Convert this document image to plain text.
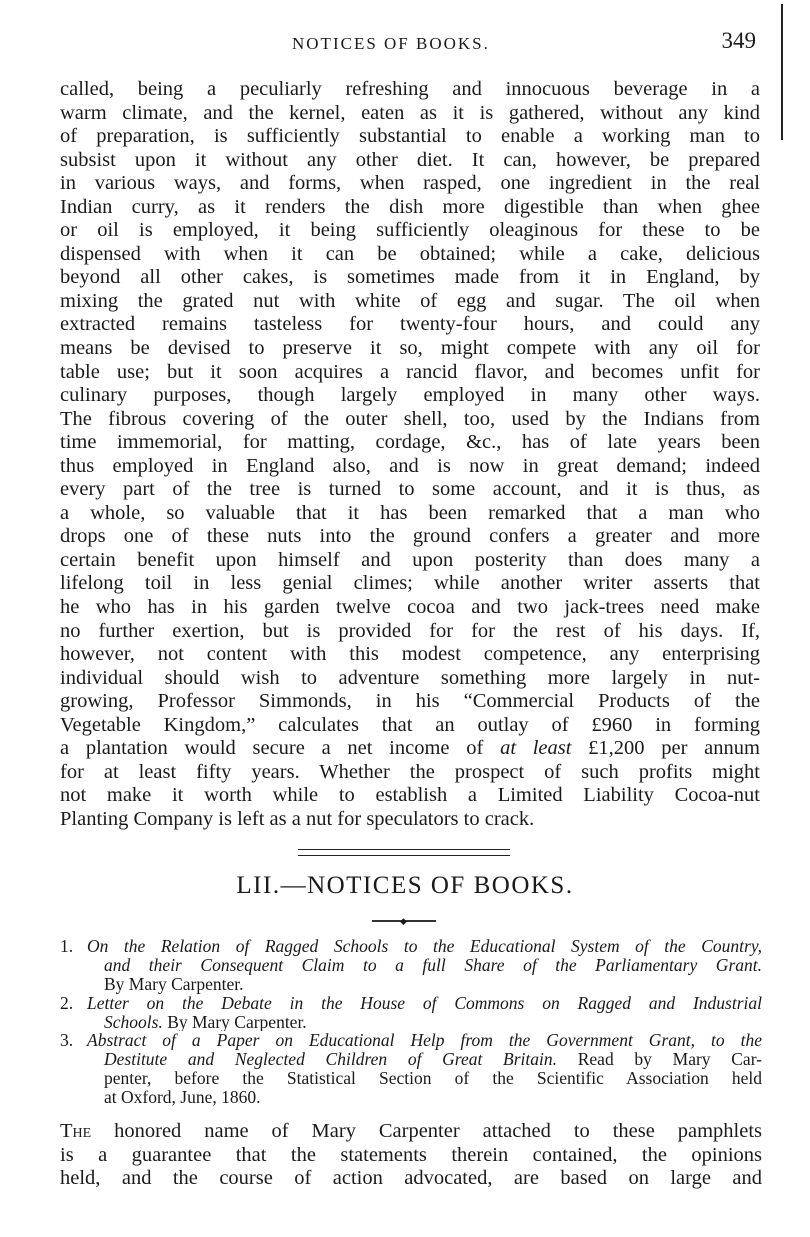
NOTICES OF BOOKS.	349
called, being a peculiarly refreshing and innocuous beverage in a
warm climate, and the kernel, eaten as it is gathered, without any kind
of preparation, is sufficiently substantial to enable a working man to
subsist upon it without any other diet. It can, however, be prepared
in various ways, and forms, when rasped, one ingredient in the real
Indian curry, as it renders the dish more digestible than when ghee
or oil is employed, it being sufficiently oleaginous for these to be
dispensed with when it can be obtained; while a cake, delicious
beyond all other cakes, is sometimes made from it in England, by
mixing the grated nut with white of egg and sugar. The oil when
extracted remains tasteless for twenty-four hours, and could any
means be devised to preserve it so, might compete with any oil for
table use; but it soon acquires a rancid flavor, and becomes unfit for
culinary purposes, though largely employed in many other ways.
The fibrous covering of the outer shell, too, used by the Indians from
time immemorial, for matting, cordage, &c., has of late years been
thus employed in England also, and is now in great demand; indeed
every part of the tree is turned to some account, and it is thus, as
a whole, so valuable that it has been remarked that a man who
drops one of these nuts into the ground confers a greater and more
certain benefit upon himself and upon posterity than does many a
lifelong toil in less genial climes; while another writer asserts that
he who has in his garden twelve cocoa and two jack-trees need make
no further exertion, but is provided for for the rest of his days. If,
however, not content with this modest competence, any enterprising
individual should wish to adventure something more largely in nut-
growing, Professor Simmonds, in his “Commercial Products of the
Vegetable Kingdom,” calculates that an outlay of £960 in forming
a plantation would secure a net income of at least £1,200 per annum
for at least fifty years. Whether the prospect of such profits might
not make it worth while to establish a Limited Liability Cocoa-nut
Planting Company is left as a nut for speculators to crack.
LII.—NOTICES OF BOOKS.
◆
1. On the Relation of Ragged Schools to the Educational System of the Country,
and their Consequent Claim to a full Share of the Parliamentary Grant.
By Mary Carpenter.
2. Letter on the Debate in the House of Commons on Ragged and Industrial
Schools. By Mary Carpenter.
3. Abstract of a Paper on Educational Help from the Government Grant, to the
Destitute and Neglected Children of Great Britain. Read by Mary Car-
penter, before the Statistical Section of the Scientific Association held
at Oxford, June, 1860.
The honored name of Mary Carpenter attached to these pamphlets
is a guarantee that the statements therein contained, the opinions
held, and the course of action advocated, are based on large and
